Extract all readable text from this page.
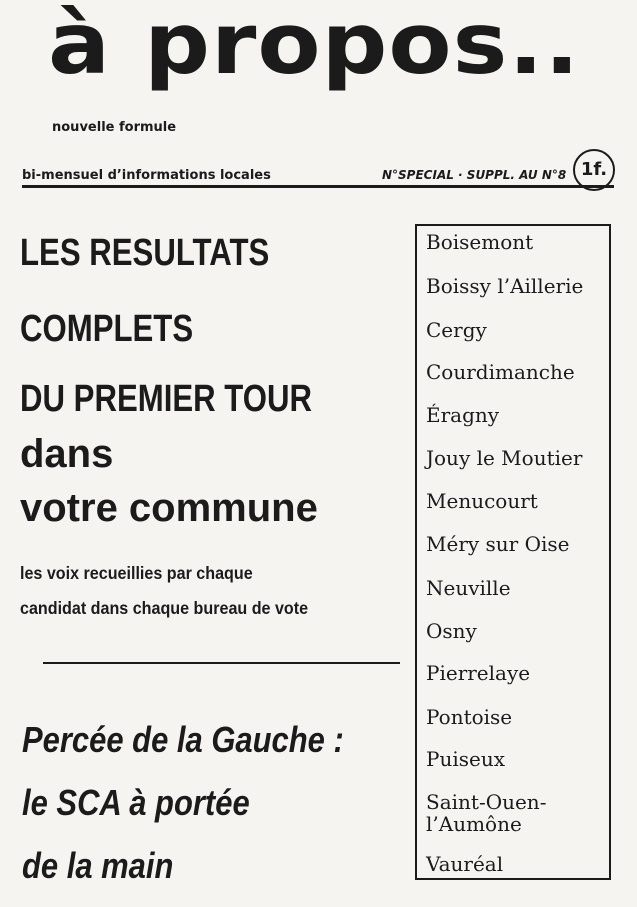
à propos..
nouvelle formule
bi-mensuel d’informations locales	N°SPECIAL · SUPPL. AU N°8 1f.
LES RESULTATS
COMPLETS
DU PREMIER TOUR
dans
votre commune
les voix recueillies par chaque
candidat dans chaque bureau de vote
Percée de la Gauche :
le SCA à portée
de la main
Boisemont
Boissy l’Aillerie
Cergy
Courdimanche
Éragny
Jouy le Moutier
Menucourt
Méry sur Oise
Neuville
Osny
Pierrelaye
Pontoise
Puiseux
Saint-Ouen-
l’Aumône
Vauréal
